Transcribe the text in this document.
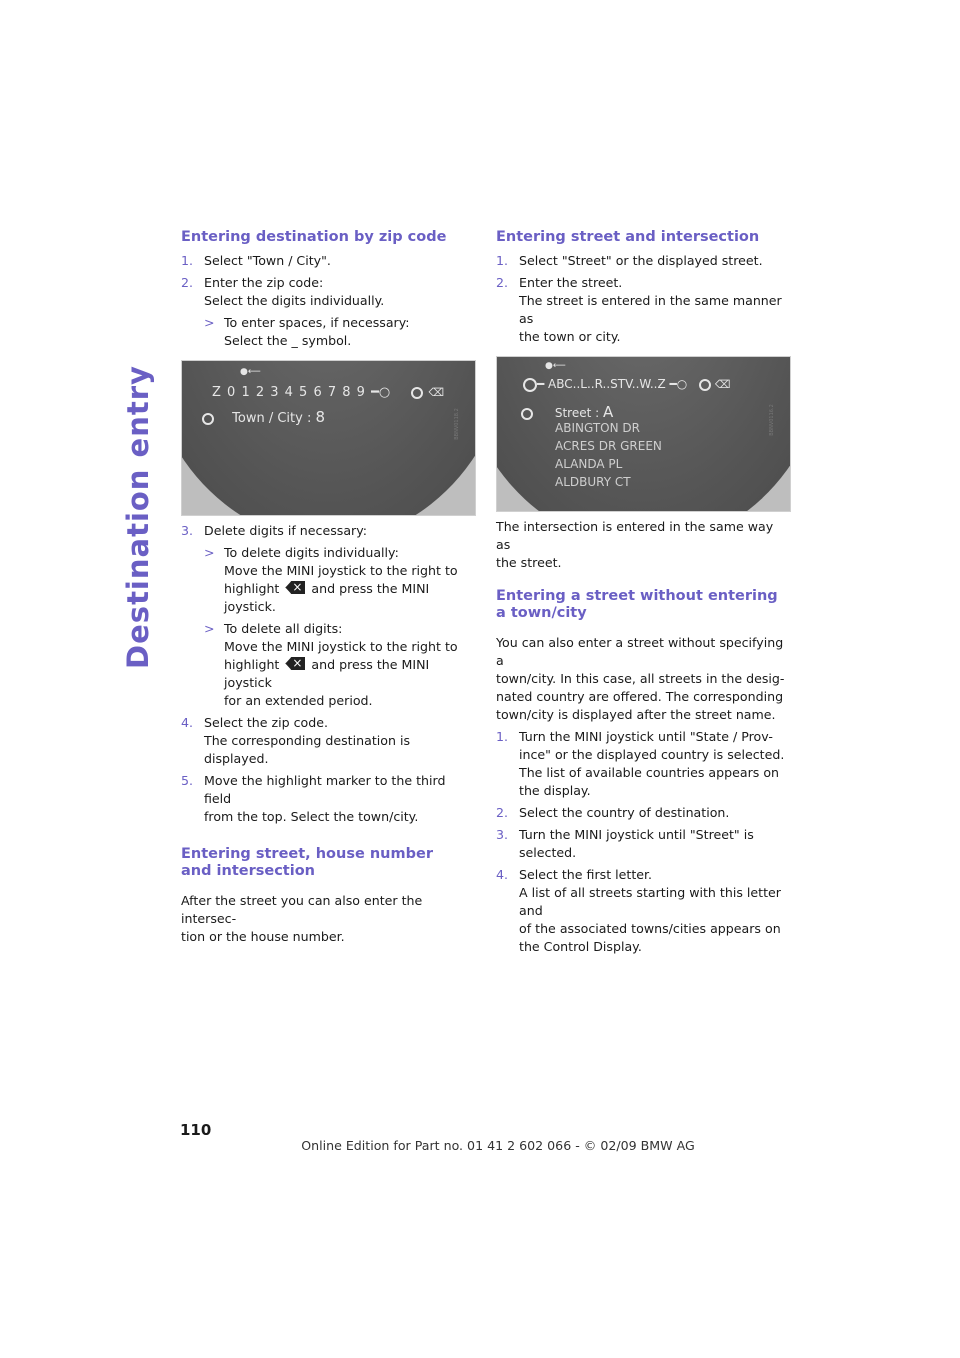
Destination entry
Entering destination by zip code
1. Select "Town / City".
2. Enter the zip code:
Select the digits individually.
> To enter spaces, if necessary:
Select the _ symbol.
●⟵
Z 0 1 2 3 4 5 6 7 8 9 ━○	⌫
Town / City : 8	BBNV0118.2
3. Delete digits if necessary:
> To delete digits individually:
Move the MINI joystick to the right to
highlight ×	and press the MINI joystick.
> To delete all digits:
Move the MINI joystick to the right to
highlight ×	and press the MINI joystick
for an extended period.
4. Select the zip code.
The corresponding destination is displayed.
5. Move the highlight marker to the third field
from the top. Select the town/city.
Entering street, house number
and intersection

After the street you can also enter the intersec-
tion or the house number.

Entering street and intersection
1. Select "Street" or the displayed street.
2. Enter the street.
The street is entered in the same manner as
the town or city.
●⟵
━ ABC..L..R..STV..W..Z ━○	⌫
Street : A
ABINGTON DR
ACRES DR GREEN
ALANDA PL
ALDBURY CT
BBNV0116.2

The intersection is entered in the same way as
the street.

Entering a street without entering
a town/city

You can also enter a street without specifying a
town/city. In this case, all streets in the desig-
nated country are offered. The corresponding
town/city is displayed after the street name.

1. Turn the MINI joystick until "State / Prov-
ince" or the displayed country is selected.
The list of available countries appears on
the display.
2. Select the country of destination.
3. Turn the MINI joystick until "Street" is
selected.
4. Select the first letter.
A list of all streets starting with this letter and
of the associated towns/cities appears on
the Control Display.
110
Online Edition for Part no. 01 41 2 602 066 - © 02/09 BMW AG
